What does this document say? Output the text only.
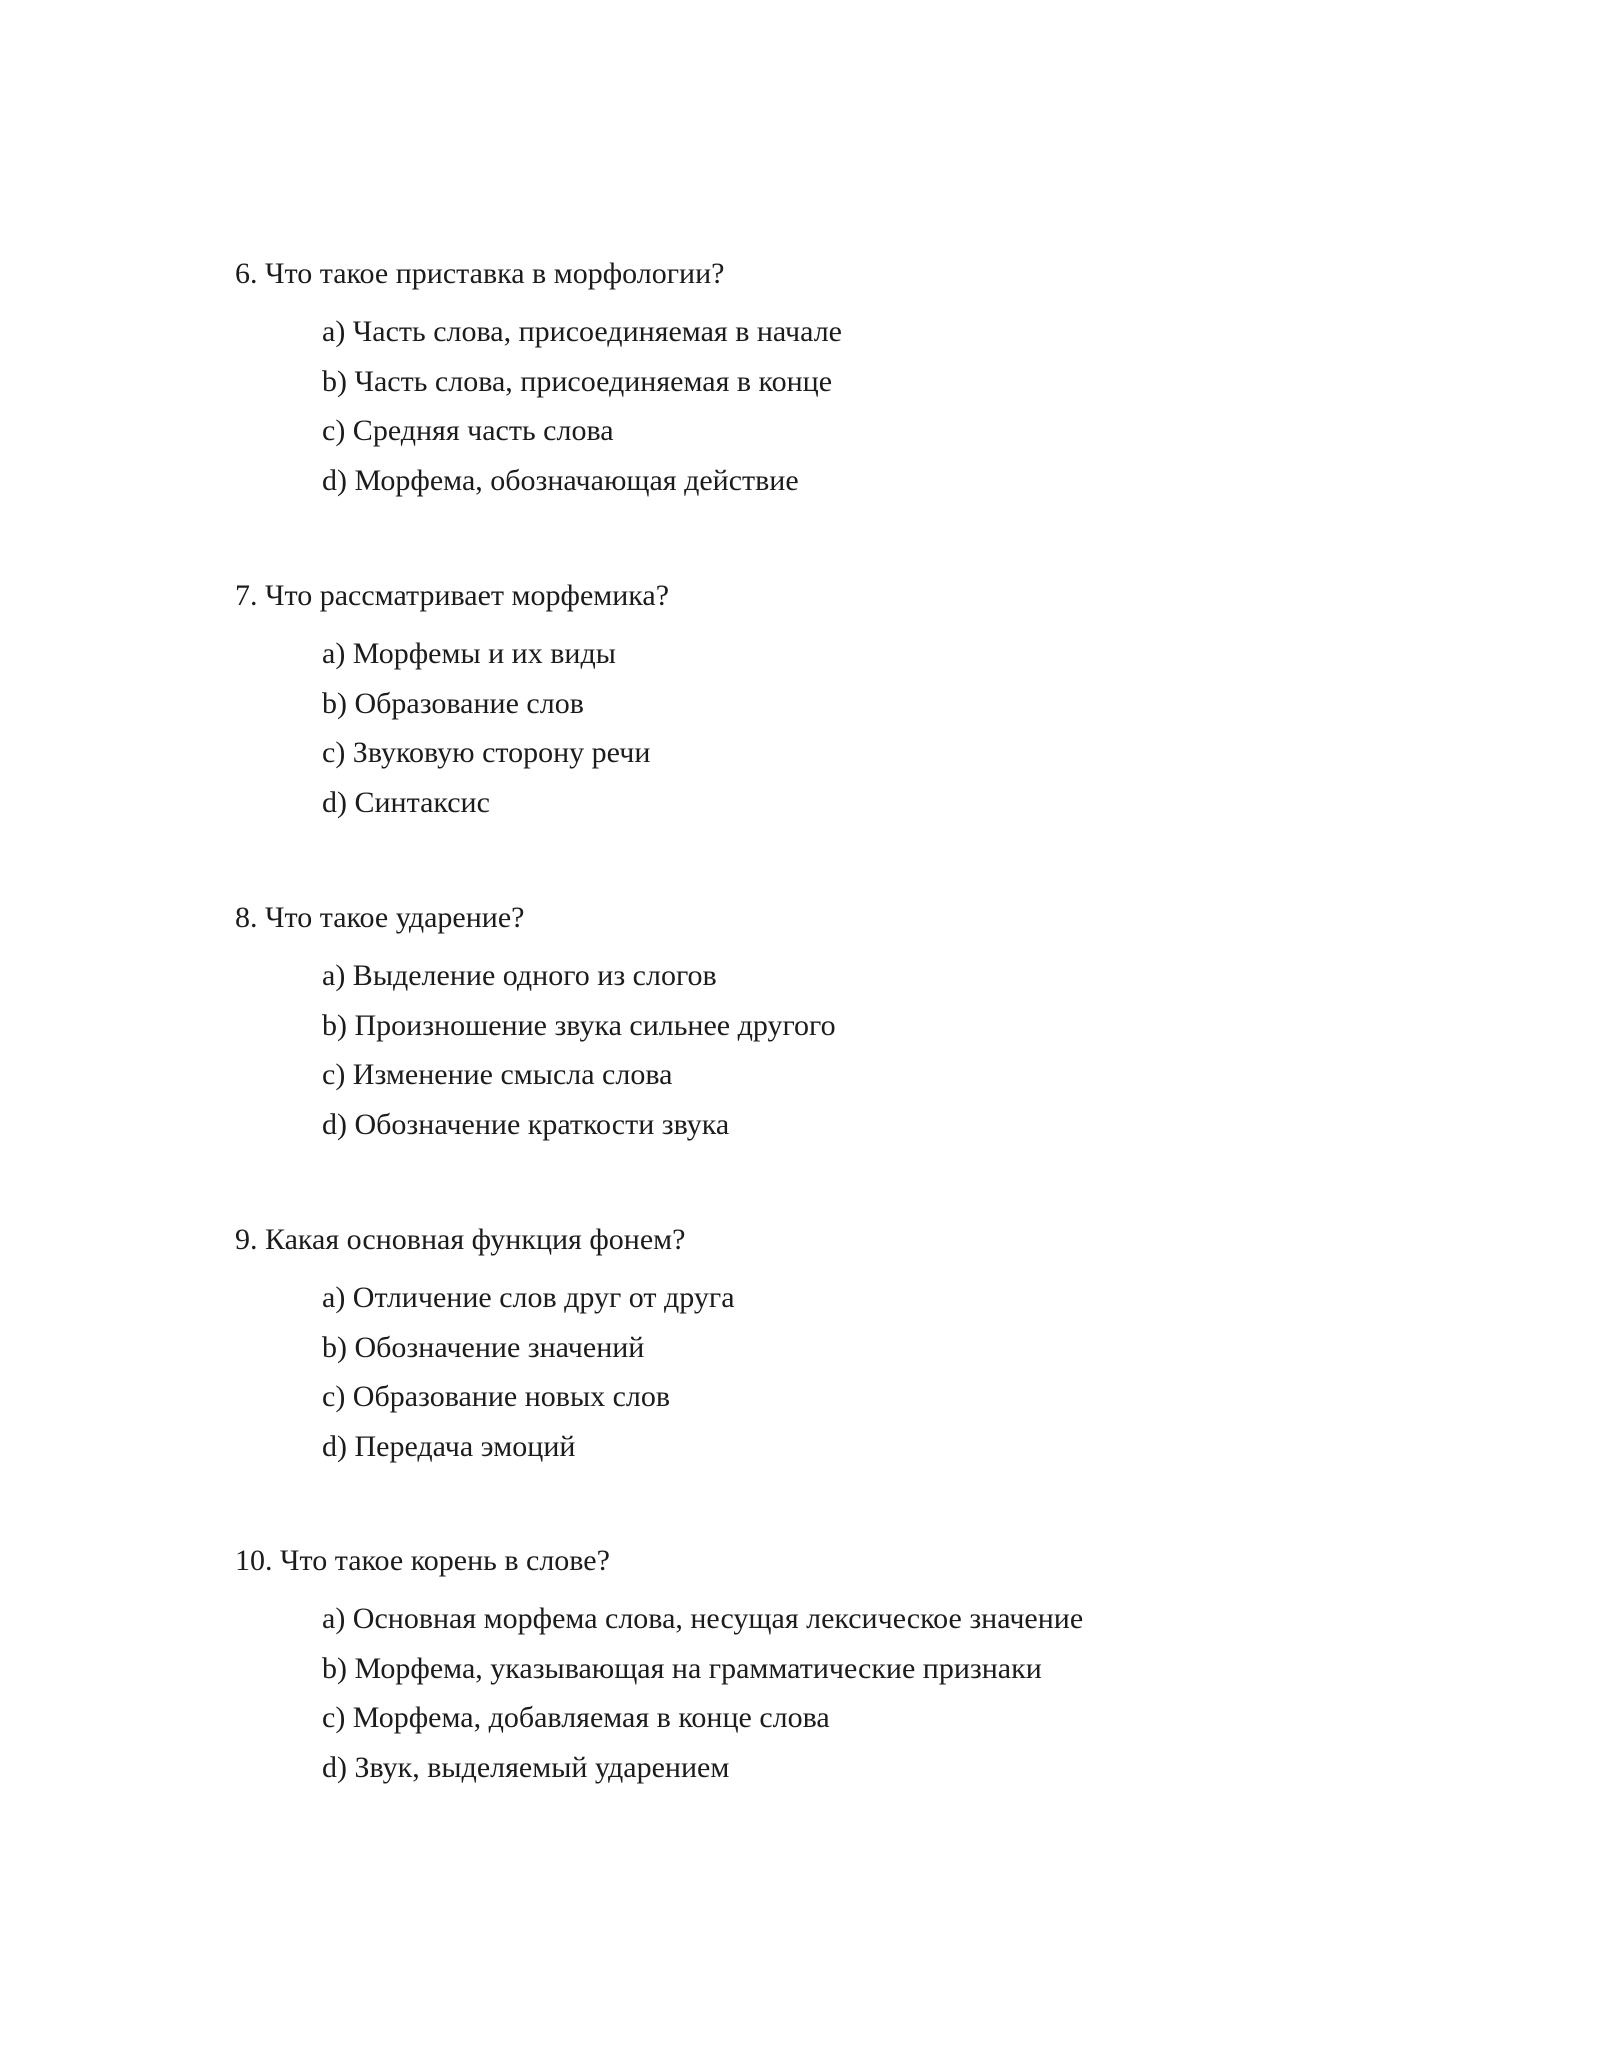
6. Что такое приставка в морфологии?
a) Часть слова, присоединяемая в начале
b) Часть слова, присоединяемая в конце
c) Средняя часть слова
d) Морфема, обозначающая действие
7. Что рассматривает морфемика?
a) Морфемы и их виды
b) Образование слов
c) Звуковую сторону речи
d) Синтаксис
8. Что такое ударение?
a) Выделение одного из слогов
b) Произношение звука сильнее другого
c) Изменение смысла слова
d) Обозначение краткости звука
9. Какая основная функция фонем?
a) Отличение слов друг от друга
b) Обозначение значений
c) Образование новых слов
d) Передача эмоций
10. Что такое корень в слове?
a) Основная морфема слова, несущая лексическое значение
b) Морфема, указывающая на грамматические признаки
c) Морфема, добавляемая в конце слова
d) Звук, выделяемый ударением
